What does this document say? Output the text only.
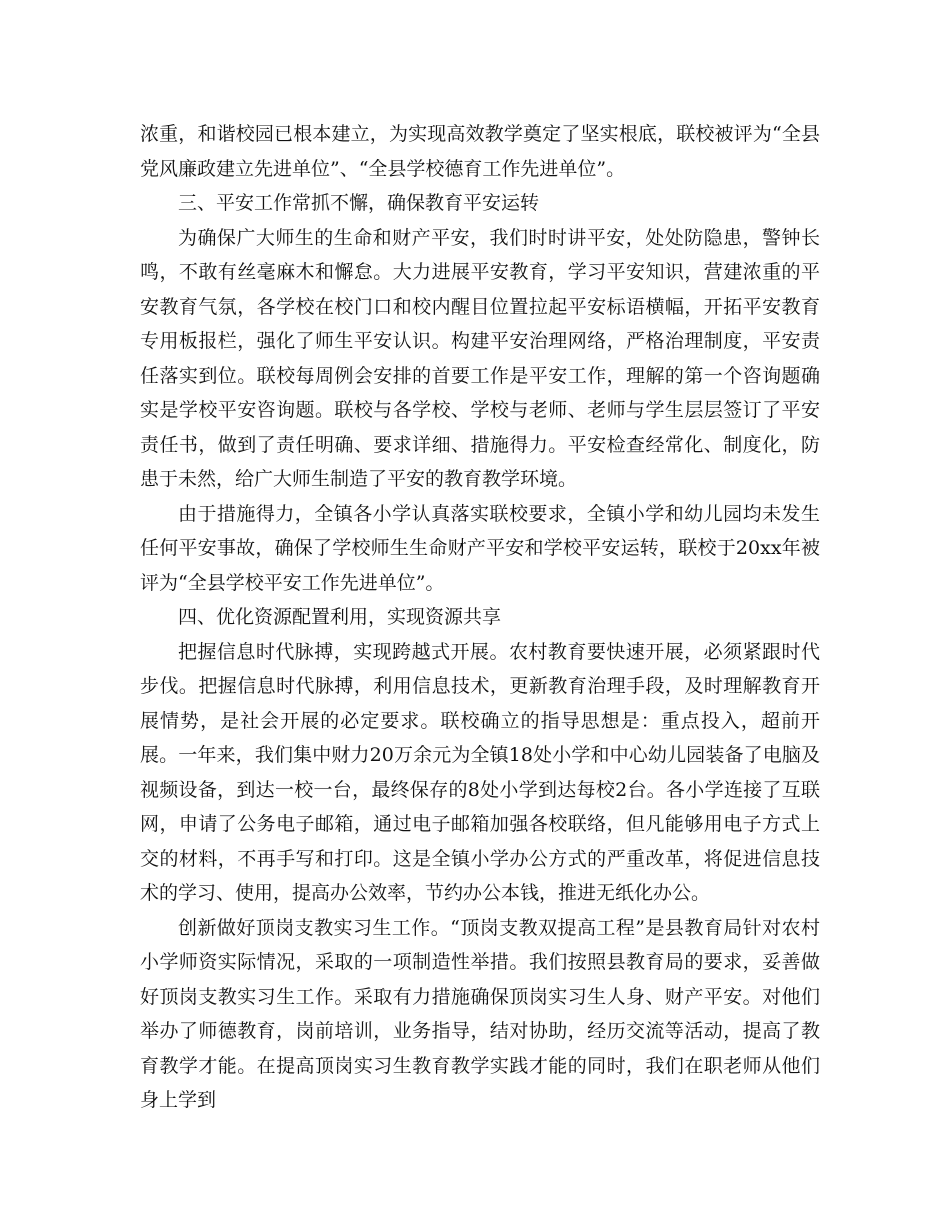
浓重，和谐校园已根本建立，为实现高效教学奠定了坚实根底，联校被评为“全县党风廉政建立先进单位”、“全县学校德育工作先进单位”。

三、平安工作常抓不懈，确保教育平安运转

为确保广大师生的生命和财产平安，我们时时讲平安，处处防隐患，警钟长鸣，不敢有丝毫麻木和懈怠。大力进展平安教育，学习平安知识，营建浓重的平安教育气氛，各学校在校门口和校内醒目位置拉起平安标语横幅，开拓平安教育专用板报栏，强化了师生平安认识。构建平安治理网络，严格治理制度，平安责任落实到位。联校每周例会安排的首要工作是平安工作，理解的第一个咨询题确实是学校平安咨询题。联校与各学校、学校与老师、老师与学生层层签订了平安责任书，做到了责任明确、要求详细、措施得力。平安检查经常化、制度化，防患于未然，给广大师生制造了平安的教育教学环境。

由于措施得力，全镇各小学认真落实联校要求，全镇小学和幼儿园均未发生任何平安事故，确保了学校师生生命财产平安和学校平安运转，联校于20xx年被评为“全县学校平安工作先进单位”。

四、优化资源配置利用，实现资源共享

把握信息时代脉搏，实现跨越式开展。农村教育要快速开展，必须紧跟时代步伐。把握信息时代脉搏，利用信息技术，更新教育治理手段，及时理解教育开展情势，是社会开展的必定要求。联校确立的指导思想是：重点投入，超前开展。一年来，我们集中财力20万余元为全镇18处小学和中心幼儿园装备了电脑及视频设备，到达一校一台，最终保存的8处小学到达每校2台。各小学连接了互联网，申请了公务电子邮箱，通过电子邮箱加强各校联络，但凡能够用电子方式上交的材料，不再手写和打印。这是全镇小学办公方式的严重改革，将促进信息技术的学习、使用，提高办公效率，节约办公本钱，推进无纸化办公。

创新做好顶岗支教实习生工作。“顶岗支教双提高工程”是县教育局针对农村小学师资实际情况，采取的一项制造性举措。我们按照县教育局的要求，妥善做好顶岗支教实习生工作。采取有力措施确保顶岗实习生人身、财产平安。对他们举办了师德教育，岗前培训，业务指导，结对协助，经历交流等活动，提高了教育教学才能。在提高顶岗实习生教育教学实践才能的同时，我们在职老师从他们身上学到
